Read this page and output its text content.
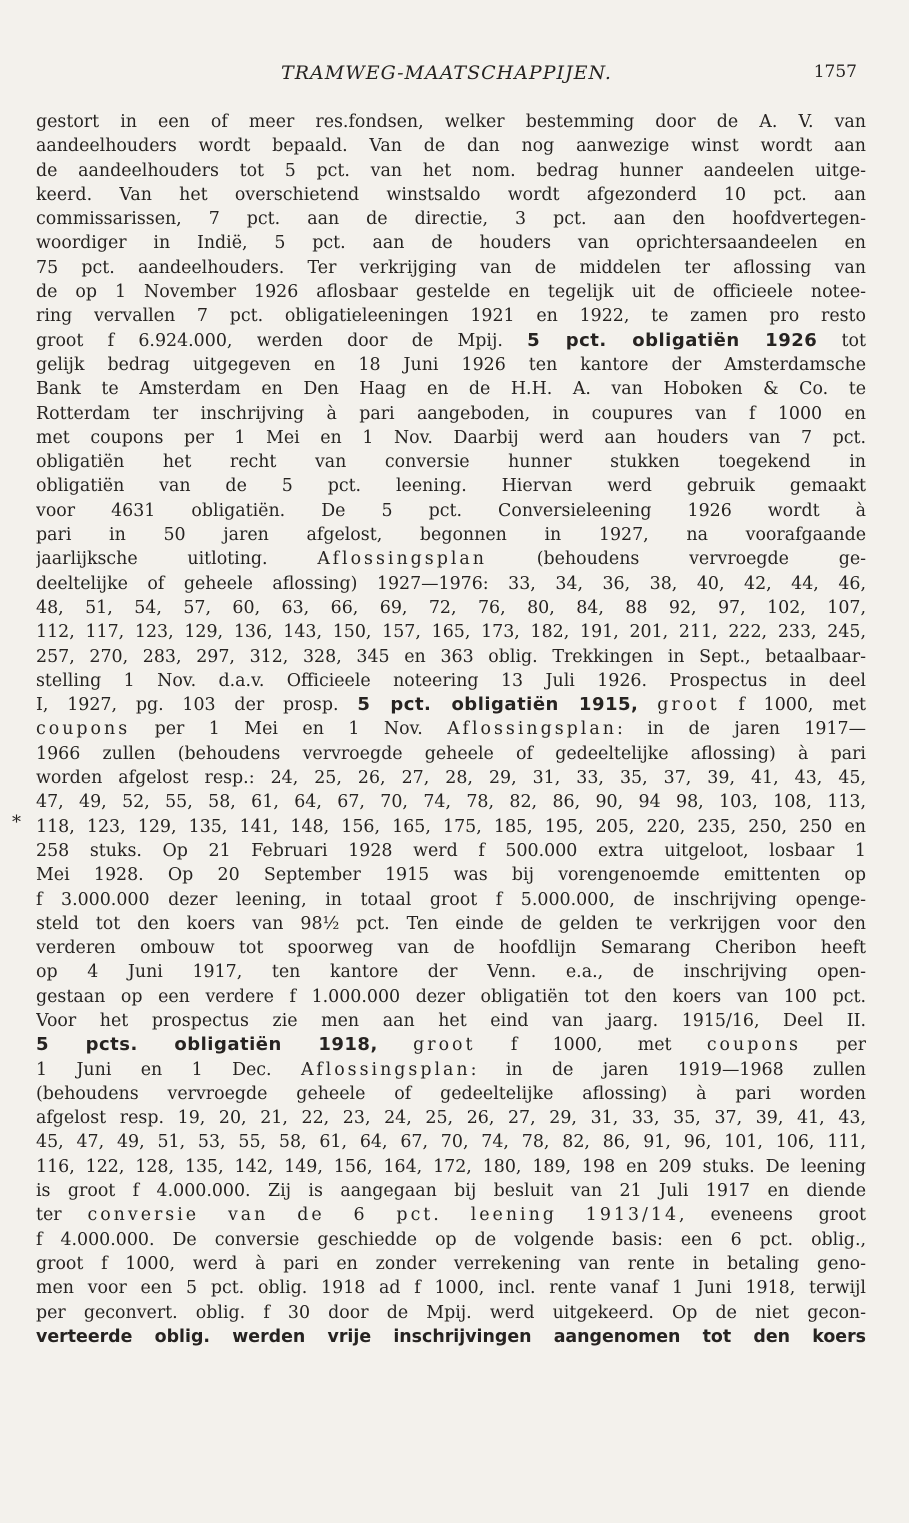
TRAMWEG-MAATSCHAPPIJEN.	1757
*
gestort in een of meer res.fondsen, welker bestemming door de A. V. van
aandeelhouders wordt bepaald. Van de dan nog aanwezige winst wordt aan
de aandeelhouders tot 5 pct. van het nom. bedrag hunner aandeelen uitge-
keerd. Van het overschietend winstsaldo wordt afgezonderd 10 pct. aan
commissarissen, 7 pct. aan de directie, 3 pct. aan den hoofdvertegen-
woordiger in Indië, 5 pct. aan de houders van oprichtersaandeelen en
75 pct. aandeelhouders. Ter verkrijging van de middelen ter aflossing van
de op 1 November 1926 aflosbaar gestelde en tegelijk uit de officieele notee-
ring vervallen 7 pct. obligatieleeningen 1921 en 1922, te zamen pro resto
groot f 6.924.000, werden door de Mpij. 5 pct. obligatiën 1926 tot
gelijk bedrag uitgegeven en 18 Juni 1926 ten kantore der Amsterdamsche
Bank te Amsterdam en Den Haag en de H.H. A. van Hoboken & Co. te
Rotterdam ter inschrijving à pari aangeboden, in coupures van f 1000 en
met coupons per 1 Mei en 1 Nov. Daarbij werd aan houders van 7 pct.
obligatiën het recht van conversie hunner stukken toegekend in
obligatiën van de 5 pct. leening. Hiervan werd gebruik gemaakt
voor 4631 obligatiën. De 5 pct. Conversieleening 1926 wordt à
pari in 50 jaren afgelost, begonnen in 1927, na voorafgaande
jaarlijksche uitloting. Aflossingsplan (behoudens vervroegde ge-
deeltelijke of geheele aflossing) 1927—1976: 33, 34, 36, 38, 40, 42, 44, 46,
48, 51, 54, 57, 60, 63, 66, 69, 72, 76, 80, 84, 88 92, 97, 102, 107,
112, 117, 123, 129, 136, 143, 150, 157, 165, 173, 182, 191, 201, 211, 222, 233, 245,
257, 270, 283, 297, 312, 328, 345 en 363 oblig. Trekkingen in Sept., betaalbaar-
stelling 1 Nov. d.a.v. Officieele noteering 13 Juli 1926. Prospectus in deel
I, 1927, pg. 103 der prosp. 5 pct. obligatiën 1915, groot f 1000, met
coupons per 1 Mei en 1 Nov. Aflossingsplan: in de jaren 1917—
1966 zullen (behoudens vervroegde geheele of gedeeltelijke aflossing) à pari
worden afgelost resp.: 24, 25, 26, 27, 28, 29, 31, 33, 35, 37, 39, 41, 43, 45,
47, 49, 52, 55, 58, 61, 64, 67, 70, 74, 78, 82, 86, 90, 94 98, 103, 108, 113,
118, 123, 129, 135, 141, 148, 156, 165, 175, 185, 195, 205, 220, 235, 250, 250 en
258 stuks. Op 21 Februari 1928 werd f 500.000 extra uitgeloot, losbaar 1
Mei 1928. Op 20 September 1915 was bij vorengenoemde emittenten op
f 3.000.000 dezer leening, in totaal groot f 5.000.000, de inschrijving openge-
steld tot den koers van 98½ pct. Ten einde de gelden te verkrijgen voor den
verderen ombouw tot spoorweg van de hoofdlijn Semarang Cheribon heeft
op 4 Juni 1917, ten kantore der Venn. e.a., de inschrijving open-
gestaan op een verdere f 1.000.000 dezer obligatiën tot den koers van 100 pct.
Voor het prospectus zie men aan het eind van jaarg. 1915/16, Deel II.
5 pcts. obligatiën 1918, groot f 1000, met coupons per
1 Juni en 1 Dec. Aflossingsplan: in de jaren 1919—1968 zullen
(behoudens vervroegde geheele of gedeeltelijke aflossing) à pari worden
afgelost resp. 19, 20, 21, 22, 23, 24, 25, 26, 27, 29, 31, 33, 35, 37, 39, 41, 43,
45, 47, 49, 51, 53, 55, 58, 61, 64, 67, 70, 74, 78, 82, 86, 91, 96, 101, 106, 111,
116, 122, 128, 135, 142, 149, 156, 164, 172, 180, 189, 198 en 209 stuks. De leening
is groot f 4.000.000. Zij is aangegaan bij besluit van 21 Juli 1917 en diende
ter conversie van de 6 pct. leening 1913/14, eveneens groot
f 4.000.000. De conversie geschiedde op de volgende basis: een 6 pct. oblig.,
groot f 1000, werd à pari en zonder verrekening van rente in betaling geno-
men voor een 5 pct. oblig. 1918 ad f 1000, incl. rente vanaf 1 Juni 1918, terwijl
per geconvert. oblig. f 30 door de Mpij. werd uitgekeerd. Op de niet gecon-
verteerde oblig. werden vrije inschrijvingen aangenomen tot den koers
